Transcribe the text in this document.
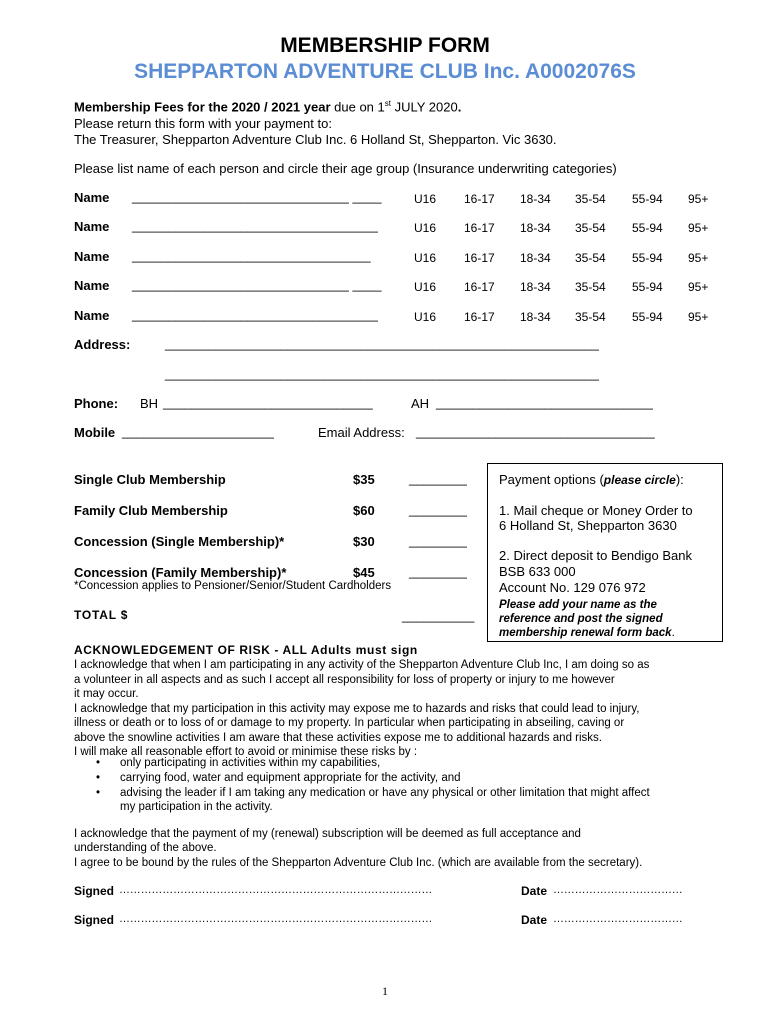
MEMBERSHIP FORM
SHEPPARTON ADVENTURE CLUB Inc. A0002076S
Membership Fees for the 2020 / 2021 year due on 1st JULY 2020.
Please return this form with your payment to:
The Treasurer, Shepparton Adventure Club Inc. 6 Holland St, Shepparton. Vic 3630.
Please list name of each person and circle their age group (Insurance underwriting categories)
Name ______________________________ ____	U16 16-17 18-34 35-54 55-94 95+
Name __________________________________	U16 16-17 18-34 35-54 55-94 95+
Name _________________________________	U16 16-17 18-34 35-54 55-94 95+
Name ______________________________ ____	U16 16-17 18-34 35-54 55-94 95+
Name __________________________________	U16 16-17 18-34 35-54 55-94 95+
Address:	____________________________________________________________
____________________________________________________________
Phone: BH _____________________________	AH ______________________________
Mobile _____________________	Email Address: _________________________________
Single Club Membership	$35	________
Family Club Membership	$60	________
Concession (Single Membership)*	$30	________
Concession (Family Membership)*	$45	________
*Concession applies to Pensioner/Senior/Student Cardholders
TOTAL $	__________
Payment options (please circle):
1. Mail cheque or Money Order to
6 Holland St, Shepparton 3630
2. Direct deposit to Bendigo Bank
BSB 633 000
Account No. 129 076 972
Please add your name as the
reference and post the signed
membership renewal form back.
ACKNOWLEDGEMENT OF RISK - ALL Adults must sign
I acknowledge that when I am participating in any activity of the Shepparton Adventure Club Inc, I am doing so as
a volunteer in all aspects and as such I accept all responsibility for loss of property or injury to me however
it may occur.
I acknowledge that my participation in this activity may expose me to hazards and risks that could lead to injury,
illness or death or to loss of or damage to my property. In particular when participating in abseiling, caving or
above the snowline activities I am aware that these activities expose me to additional hazards and risks.
I will make all reasonable effort to avoid or minimise these risks by :
• only participating in activities within my capabilities,
• carrying food, water and equipment appropriate for the activity, and
• advising the leader if I am taking any medication or have any physical or other limitation that might affect
my participation in the activity.
I acknowledge that the payment of my (renewal) subscription will be deemed as full acceptance and
understanding of the above.
I agree to be bound by the rules of the Shepparton Adventure Club Inc. (which are available from the secretary).
Signed ……………………………………………………………………………	Date ………………………………
Signed ……………………………………………………………………………	Date ………………………………
1
